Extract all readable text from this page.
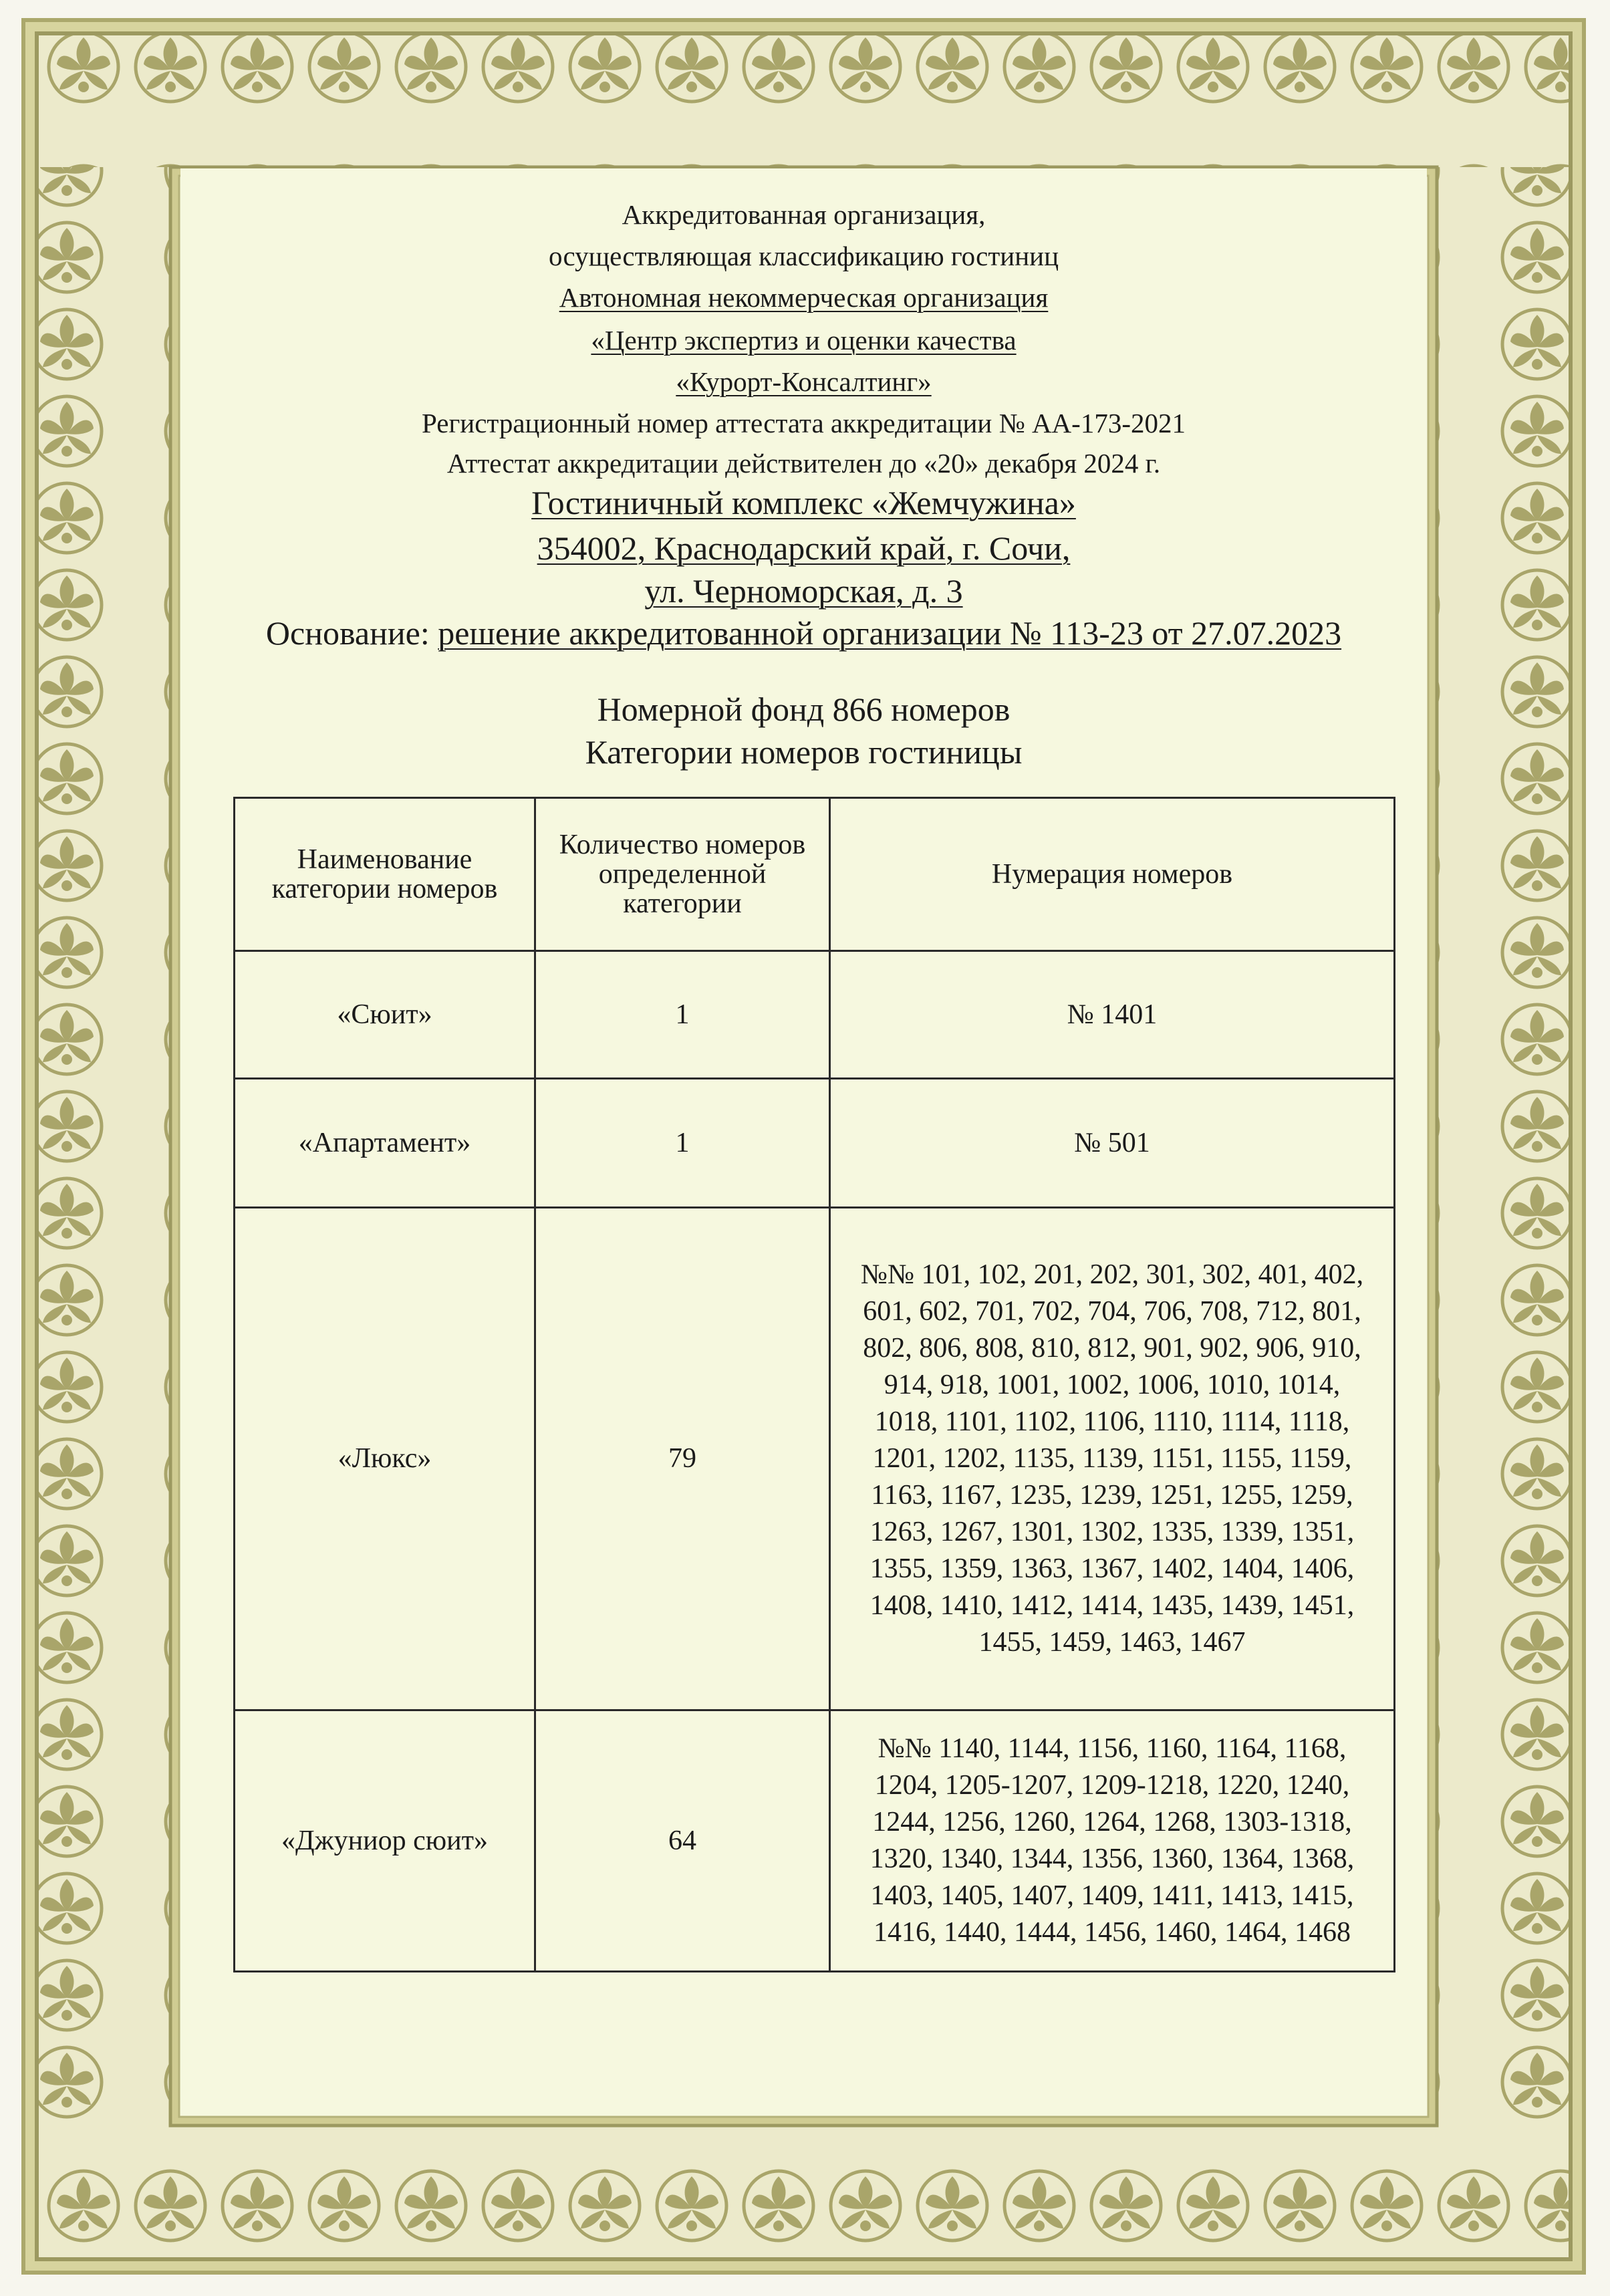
Аккредитованная организация,
осуществляющая классификацию гостиниц
Автономная некоммерческая организация
«Центр экспертиз и оценки качества
«Курорт-Консалтинг»
Регистрационный номер аттестата аккредитации № АА-173-2021
Аттестат аккредитации действителен до «20» декабря 2024 г.
Гостиничный комплекс «Жемчужина»
354002, Краснодарский край, г. Сочи,
ул. Черноморская, д. 3
Основание: решение аккредитованной организации № 113-23 от 27.07.2023
Номерной фонд 866 номеров
Категории номеров гостиницы
Наименование категории номеров	Количество номеров определенной категории	Нумерация номеров
«Сюит»	1	№ 1401
«Апартамент»	1	№ 501
«Люкс»	79	№№ 101, 102, 201, 202, 301, 302, 401, 402, 601, 602, 701, 702, 704, 706, 708, 712, 801, 802, 806, 808, 810, 812, 901, 902, 906, 910, 914, 918, 1001, 1002, 1006, 1010, 1014, 1018, 1101, 1102, 1106, 1110, 1114, 1118, 1201, 1202, 1135, 1139, 1151, 1155, 1159, 1163, 1167, 1235, 1239, 1251, 1255, 1259, 1263, 1267, 1301, 1302, 1335, 1339, 1351, 1355, 1359, 1363, 1367, 1402, 1404, 1406, 1408, 1410, 1412, 1414, 1435, 1439, 1451, 1455, 1459, 1463, 1467
«Джуниор сюит»	64	№№ 1140, 1144, 1156, 1160, 1164, 1168, 1204, 1205-1207, 1209-1218, 1220, 1240, 1244, 1256, 1260, 1264, 1268, 1303-1318, 1320, 1340, 1344, 1356, 1360, 1364, 1368, 1403, 1405, 1407, 1409, 1411, 1413, 1415, 1416, 1440, 1444, 1456, 1460, 1464, 1468
